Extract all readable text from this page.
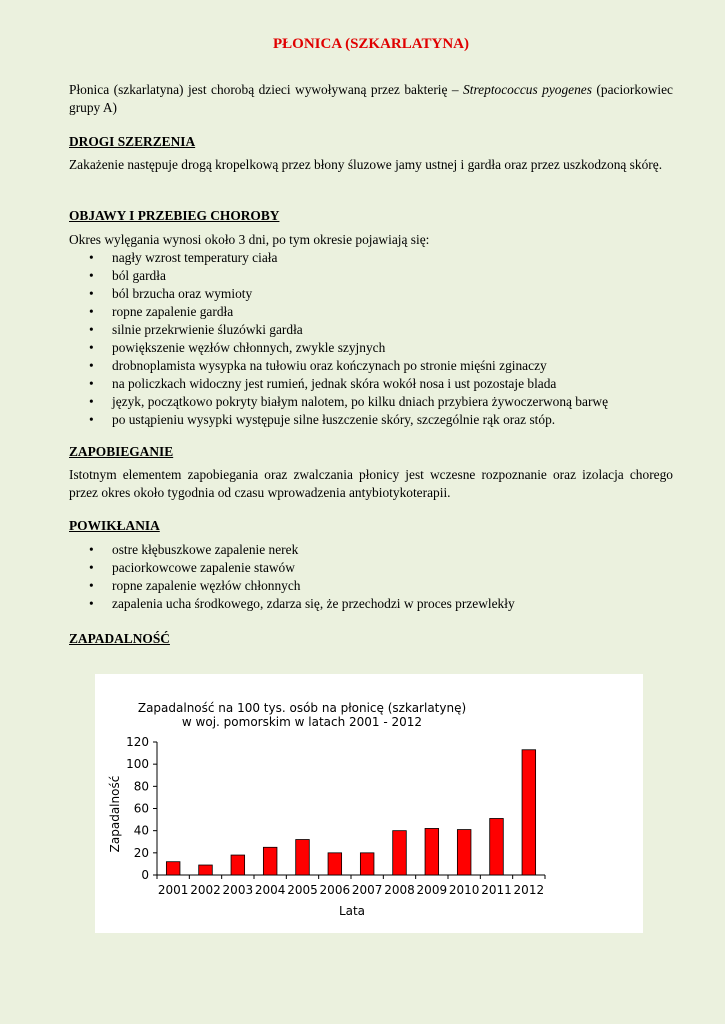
PŁONICA (SZKARLATYNA)

Płonica (szkarlatyna) jest chorobą dzieci wywoływaną przez bakterię – Streptococcus pyogenes (paciorkowiec grupy A)

DROGI SZERZENIA

Zakażenie następuje drogą kropelkową przez błony śluzowe jamy ustnej i gardła oraz przez uszkodzoną skórę.

OBJAWY I PRZEBIEG CHOROBY

Okres wylęgania wynosi około 3 dni, po tym okresie pojawiają się:

• nagły wzrost temperatury ciała
• ból gardła
• ból brzucha oraz wymioty
• ropne zapalenie gardła
• silnie przekrwienie śluzówki gardła
• powiększenie węzłów chłonnych, zwykle szyjnych
• drobnoplamista wysypka na tułowiu oraz kończynach po stronie mięśni zginaczy
• na policzkach widoczny jest rumień, jednak skóra wokół nosa i ust pozostaje blada
• język, początkowo pokryty białym nalotem, po kilku dniach przybiera żywoczerwoną barwę
• po ustąpieniu wysypki występuje silne łuszczenie skóry, szczególnie rąk oraz stóp.
ZAPOBIEGANIE

Istotnym elementem zapobiegania oraz zwalczania płonicy jest wczesne rozpoznanie oraz izolacja chorego przez okres około tygodnia od czasu wprowadzenia antybiotykoterapii.

POWIKŁANIA
• ostre kłębuszkowe zapalenie nerek
• paciorkowcowe zapalenie stawów
• ropne zapalenie węzłów chłonnych
• zapalenia ucha środkowego, zdarza się, że przechodzi w proces przewlekły
ZAPADALNOŚĆ
Zapadalność na 100 tys. osób na płonicę (szkarlatynę)
w woj. pomorskim w latach 2001 - 2012
Zapadalność
Lata
0
20
40
60
80
100
120
2001 2002 2003 2004 2005 2006 2007 2008 2009 2010 2011 2012
